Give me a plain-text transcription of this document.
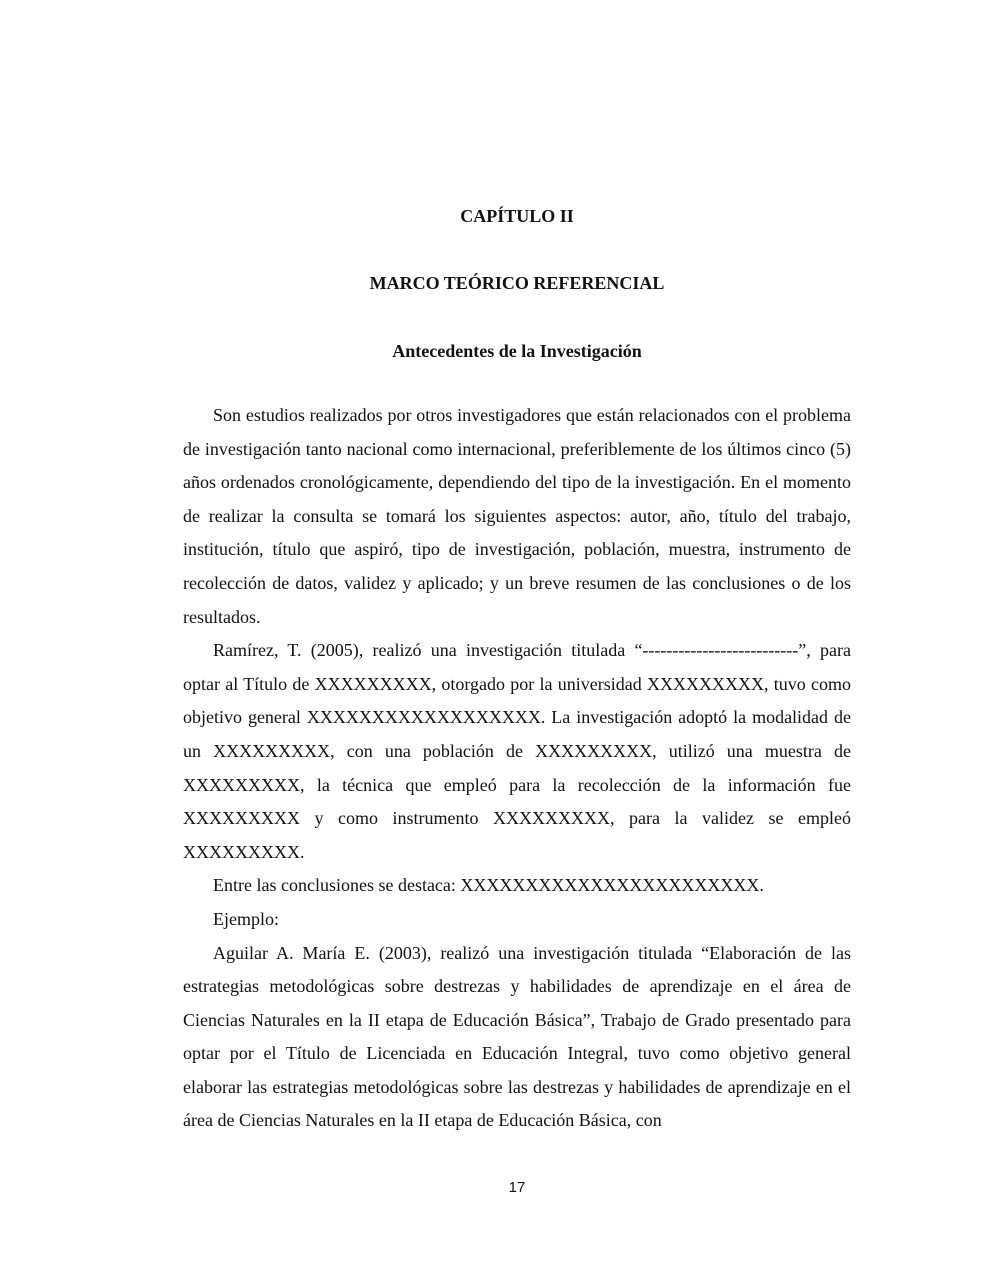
CAPÍTULO II
MARCO TEÓRICO REFERENCIAL
Antecedentes de la Investigación

Son estudios realizados por otros investigadores que están relacionados con el problema de investigación tanto nacional como internacional, preferiblemente de los últimos cinco (5) años ordenados cronológicamente, dependiendo del tipo de la investigación. En el momento de realizar la consulta se tomará los siguientes aspectos: autor, año, título del trabajo, institución, título que aspiró, tipo de investigación, población, muestra, instrumento de recolección de datos, validez y aplicado; y un breve resumen de las conclusiones o de los resultados.

Ramírez, T. (2005), realizó una investigación titulada “--------------------------”, para optar al Título de XXXXXXXXX, otorgado por la universidad XXXXXXXXX, tuvo como objetivo general XXXXXXXXXXXXXXXXXX. La investigación adoptó la modalidad de un XXXXXXXXX, con una población de XXXXXXXXX, utilizó una muestra de XXXXXXXXX, la técnica que empleó para la recolección de la información fue XXXXXXXXX y como instrumento XXXXXXXXX, para la validez se empleó XXXXXXXXX.

Entre las conclusiones se destaca: XXXXXXXXXXXXXXXXXXXXXXX.

Ejemplo:

Aguilar A. María E. (2003), realizó una investigación titulada “Elaboración de las estrategias metodológicas sobre destrezas y habilidades de aprendizaje en el área de Ciencias Naturales en la II etapa de Educación Básica”, Trabajo de Grado presentado para optar por el Título de Licenciada en Educación Integral, tuvo como objetivo general elaborar las estrategias metodológicas sobre las destrezas y habilidades de aprendizaje en el área de Ciencias Naturales en la II etapa de Educación Básica, con

17
